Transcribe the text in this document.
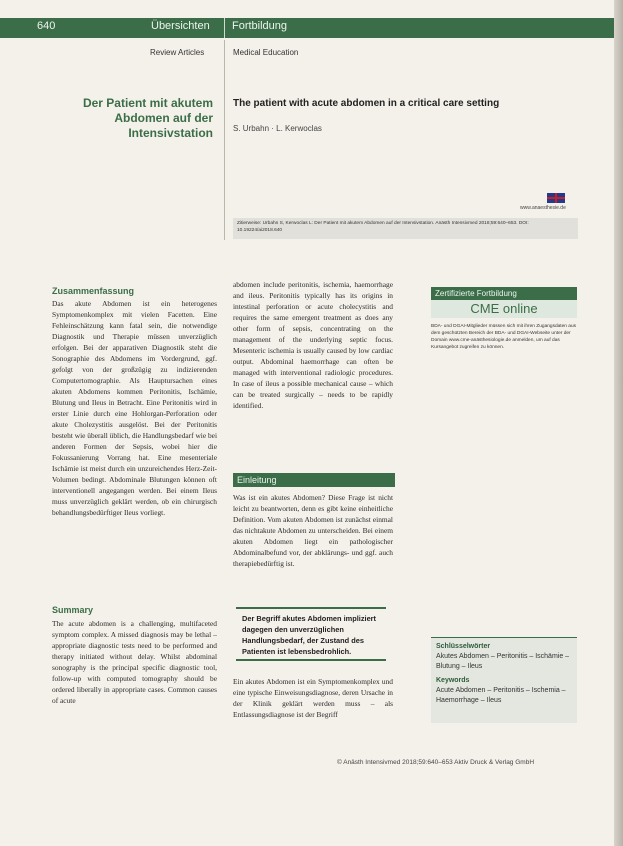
640	Übersichten Fortbildung
Review Articles	Medical Education
Der Patient mit akutem Abdomen auf der Intensivstation
The patient with acute abdomen in a critical care setting
S. Urbahn · L. Kerwoclas
www.anaesthesie.de
Zitierweise: Urbahn S, Kerwoclas L: Der Patient mit akutem Abdomen auf der Intensivstation. Anästh Intensivmed 2018;59:640–653. DOI: 10.19224/ai2018.640
Zusammenfassung
Das akute Abdomen ist ein heterogenes Symptomenkomplex mit vielen Facetten. Eine Fehleinschätzung kann fatal sein, die notwendige Diagnostik und Therapie müssen unverzüglich erfolgen. Bei der apparativen Diagnostik steht die Sonographie des Abdomens im Vordergrund, ggf. gefolgt von der großzügig zu indizierenden Computertomographie. Als Hauptursachen eines akuten Abdomens kommen Peritonitis, Ischämie, Blutung und Ileus in Betracht. Eine Peritonitis wird in erster Linie durch eine Hohlorgan-Perforation oder akute Cholezystitis ausgelöst. Bei der Peritonitis besteht wie überall üblich, die Handlungsbedarf wie bei anderen Formen der Sepsis, wobei hier die Fokussanierung Vorrang hat. Eine mesenteriale Ischämie ist meist durch ein unzureichendes Herz-Zeit-Volumen bedingt. Abdominale Blutungen können oft interventionell angegangen werden. Bei einem Ileus muss unverzüglich geklärt werden, ob ein chirurgisch behandlungsbedürftiger Ileus vorliegt.
Summary
The acute abdomen is a challenging, multifaceted symptom complex. A missed diagnosis may be lethal – appropriate diagnostic tests need to be performed and therapy initiated without delay. Whilst abdominal sonography is the principal specific diagnostic tool, follow-up with computed tomography should be ordered liberally in appropriate cases. Common causes of acute
abdomen include peritonitis, ischemia, haemorrhage and ileus. Peritonitis typically has its origins in intestinal perforation or acute cholecystitis and requires the same emergent treatment as does any other form of sepsis, concentrating on the management of the underlying septic focus. Mesenteric ischemia is usually caused by low cardiac output. Abdominal haemorrhage can often be managed with interventional radiologic procedures. In case of ileus a possible mechanical cause – which can be treated surgically – needs to be rapidly identified.
Einleitung
Was ist ein akutes Abdomen? Diese Frage ist nicht leicht zu beantworten, denn es gibt keine einheitliche Definition. Vom akuten Abdomen ist zunächst einmal das nichtakute Abdomen zu unterscheiden. Bei einem akuten Abdomen liegt ein pathologischer Abdominalbefund vor, der abklärungs- und ggf. auch therapiebedürftig ist.
Der Begriff akutes Abdomen impliziert dagegen den unverzüglichen Handlungsbedarf, der Zustand des Patienten ist lebensbedrohlich.
Ein akutes Abdomen ist ein Symptomenkomplex und eine typische Einweisungsdiagnose, deren Ursache in der Klinik geklärt werden muss – als Entlassungsdiagnose ist der Begriff
Zertifizierte Fortbildung
CME online
BDA- und DGAI-Mitglieder müssen sich mit ihren Zugangsdaten aus dem geschützten Bereich der BDA- und DGAI-Webseite unter der Domain www.cme-anästhesiologie.de anmelden, um auf das Kursangebot zugreifen zu können.
Schlüsselwörter
Akutes Abdomen – Peritonitis – Ischämie – Blutung – Ileus
Keywords
Acute Abdomen – Peritonitis – Ischemia – Haemorrhage – Ileus
© Anästh Intensivmed 2018;59:640–653 Aktiv Druck & Verlag GmbH
